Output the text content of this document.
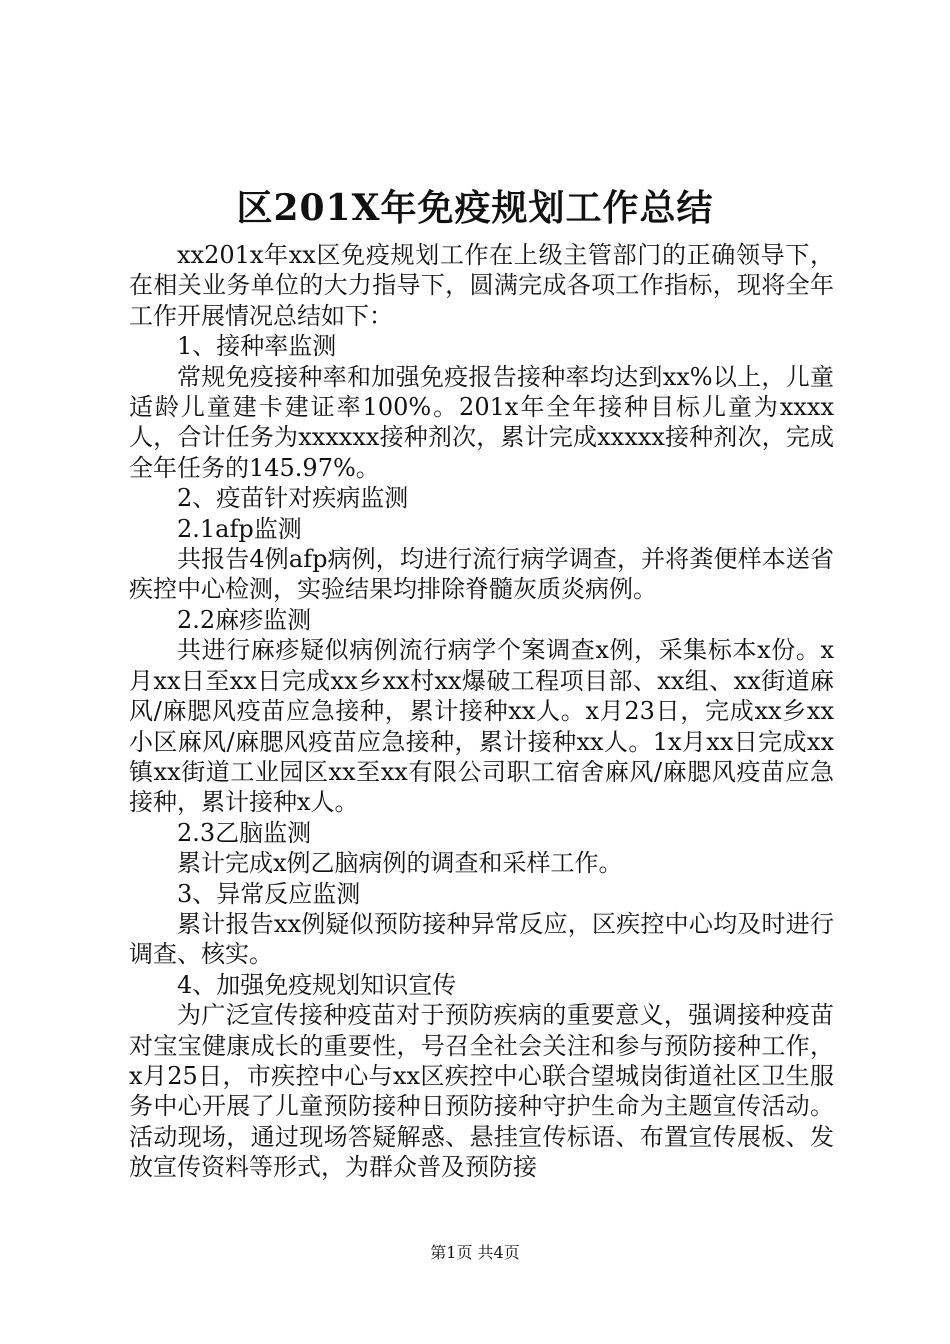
区201X年免疫规划工作总结

xx201x年xx区免疫规划工作在上级主管部门的正确领导下，在相关业务单位的大力指导下，圆满完成各项工作指标，现将全年工作开展情况总结如下：

1、接种率监测

常规免疫接种率和加强免疫报告接种率均达到xx%以上，儿童适龄儿童建卡建证率100%。201x年全年接种目标儿童为xxxx人，合计任务为xxxxxx接种剂次，累计完成xxxxx接种剂次，完成全年任务的145.97%。

2、疫苗针对疾病监测

2.1afp监测

共报告4例afp病例，均进行流行病学调查，并将粪便样本送省疾控中心检测，实验结果均排除脊髓灰质炎病例。

2.2麻疹监测

共进行麻疹疑似病例流行病学个案调查x例，采集标本x份。x月xx日至xx日完成xx乡xx村xx爆破工程项目部、xx组、xx街道麻风/麻腮风疫苗应急接种，累计接种xx人。x月23日，完成xx乡xx小区麻风/麻腮风疫苗应急接种，累计接种xx人。1x月xx日完成xx镇xx街道工业园区xx至xx有限公司职工宿舍麻风/麻腮风疫苗应急接种，累计接种x人。

2.3乙脑监测

累计完成x例乙脑病例的调查和采样工作。

3、异常反应监测

累计报告xx例疑似预防接种异常反应，区疾控中心均及时进行调查、核实。

4、加强免疫规划知识宣传

为广泛宣传接种疫苗对于预防疾病的重要意义，强调接种疫苗对宝宝健康成长的重要性，号召全社会关注和参与预防接种工作，x月25日，市疾控中心与xx区疾控中心联合望城岗街道社区卫生服务中心开展了儿童预防接种日预防接种守护生命为主题宣传活动。活动现场，通过现场答疑解惑、悬挂宣传标语、布置宣传展板、发放宣传资料等形式，为群众普及预防接

第1页 共4页
